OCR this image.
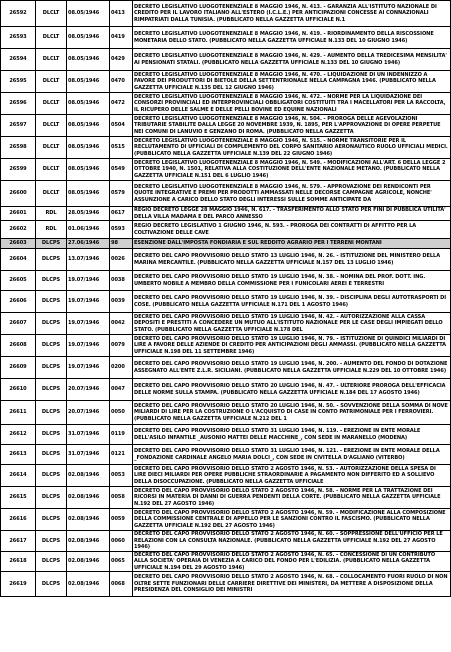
26592	DLCLT	08.05/1946	0413	DECRETO LEGISLATIVO LUOGOTENENZIALE 8 MAGGIO 1946, N. 413. - GARANZIA ALL'ISTITUTO NAZIONALE DI CREDITO PER IL LAVORO ITALIANO ALL'ESTERO (I.C.L.E.) PER ANTICIPAZIONI CONCESSE AI CONNAZIONALI RIMPATRIATI DALLA TUNISIA. (PUBBLICATO NELLA GAZZETTA UFFICIALE N.1
26593	DLCLT	08.05/1946	0419	DECRETO LEGISLATIVO LUOGOTENENZIALE 8 MAGGIO 1946, N. 419. - RIORDINAMENTO DELLA RISCOSSIONE MONETARIA DELLO STATO. (PUBBLICATO NELLA GAZZETTA UFFICIALE N.133 DEL 10 GIUGNO 1946)
26594	DLCLT	08.05/1946	0429	DECRETO LEGISLATIVO LUOGOTENENZIALE 8 MAGGIO 1946, N. 429. - AUMENTO DELLA TREDICESIMA MENSILITA' AI PENSIONATI STATALI. (PUBBLICATO NELLA GAZZETTA UFFICIALE N.133 DEL 10 GIUGNO 1946)
26595	DLCLT	08.05/1946	0470	DECRETO LEGISLATIVO LUOGOTENENZIALE 8 MAGGIO 1946, N. 470. - LIQUIDAZIONE DI UN INDENNIZZO A FAVORE DEI PRODUTTORI DI BIETOLE DELLA SETTENTRIONALE NELLA CAMPAGNA 1946. (PUBBLICATO NELLA GAZZETTA UFFICIALE N.135 DEL 12 GIUGNO 1946)
26596	DLCLT	08.05/1946	0472	DECRETO LEGISLATIVO LUOGOTENENZIALE 8 MAGGIO 1946, N. 472. - NORME PER LA LIQUIDAZIONE DEI CONSORZI PROVINCIALI ED INTERPROVINCIALI OBBLIGATORI COSTITUITI TRA I MACELLATORI PER LA RACCOLTA, IL RICUPERO DELLE SALME E DELLE PELLI BOVINE ED EQUINE NAZIONALI
26597	DLCLT	08.05/1946	0504	DECRETO LEGISLATIVO LUOGOTENENZIALE 8 MAGGIO 1946, N. 504. - PROROGA DELLE AGEVOLAZIONI TRIBUTARIE STABILITE DALLA LEGGE 20 NOVEMBRE 1939, N. 1895, PER L'APPROVAZIONE DI OPERE PERPETUE NEI COMUNI DI LANUVIO E GENZANO DI ROMA. (PUBBLICATO NELLA GAZZETTA
26598	DLCLT	08.05/1946	0515	DECRETO LEGISLATIVO LUOGOTENENZIALE 8 MAGGIO 1946, N. 515. - NORME TRANSITORIE PER IL RECLUTAMENTO DI UFFICIALI DI COMPLEMENTO DEL CORPO SANITARIO AERONAUTICO RUOLO UFFICIALI MEDICI. (PUBBLICATO NELLA GAZZETTA UFFICIALE N.139 DEL 22 GIUGNO 1946)
26599	DLCLT	08.05/1946	0549	DECRETO LEGISLATIVO LUOGOTENENZIALE 8 MAGGIO 1946, N. 549. - MODIFICAZIONI ALL'ART. 6 DELLA LEGGE 2 OTTOBRE 1940, N. 1501, RELATIVA ALLA COSTITUZIONE DELL'ENTE NAZIONALE METANO. (PUBBLICATO NELLA GAZZETTA UFFICIALE N.151 DEL 6 LUGLIO 1946)
26600	DLCLT	08.05/1946	0579	DECRETO LEGISLATIVO LUOGOTENENZIALE 8 MAGGIO 1946, N. 579. - APPROVAZIONE DEI RENDICONTI PER QUOTE INTEGRATIVE E PREMI PER PRODOTTI AMMASSATI NELLE DECORSE CAMPAGNE AGRICOLE, NONCHE' ASSUNZIONE A CARICO DELLO STATO DEGLI INTERESSI SULLE SOMME ANTICIPATE DA
26601	RDL	28.05/1946	0617	REGIO DECRETO LEGGE 28 MAGGIO 1946, N. 617. - TRASFERIMENTO ALLO STATO PER FINI DI PUBBLICA UTILITA' DELLA VILLA MADAMA E DEL PARCO ANNESSO
26602	RDL	01.06/1946	0593	REGIO DECRETO LEGISLATIVO 1 GIUGNO 1946, N. 593. - PROROGA DEI CONTRATTI DI AFFITTO PER LA COLTIVAZIONE DELLE CAVE
26603	DLCPS	27.06/1946	98	ESENZIONE DALL'IMPOSTA FONDIARIA E SUL REDDITO AGRARIO PER I TERRENI MONTANI
26604	DLCPS	13.07/1946	0026	DECRETO DEL CAPO PROVVISORIO DELLO STATO 13 LUGLIO 1946, N. 26. - ISTITUZIONE DEL MINISTERO DELLA MARINA MERCANTILE. (PUBBLICATO NELLA GAZZETTA UFFICIALE N.157 DEL 13 LUGLIO 1946)
26605	DLCPS	19.07/1946	0038	DECRETO DEL CAPO PROVVISORIO DELLO STATO 19 LUGLIO 1946, N. 38. - NOMINA DEL PROF. DOTT. ING. UMBERTO NOBILE A MEMBRO DELLA COMMISSIONE PER I FUNICOLARI AEREI E TERRESTRI
26606	DLCPS	19.07/1946	0039	DECRETO DEL CAPO PROVVISORIO DELLO STATO 19 LUGLIO 1946, N. 39. - DISCIPLINA DEGLI AUTOTRASPORTI DI COSE. (PUBBLICATO NELLA GAZZETTA UFFICIALE N.171 DEL 1 AGOSTO 1946)
26607	DLCPS	19.07/1946	0042	DECRETO DEL CAPO PROVVISORIO DELLO STATO 19 LUGLIO 1946, N. 42. - AUTORIZZAZIONE ALLA CASSA DEPOSITI E PRESTITI A CONCEDERE UN MUTUO ALL'ISTITUTO NAZIONALE PER LE CASE DEGLI IMPIEGATI DELLO STATO. (PUBBLICATO NELLA GAZZETTA UFFICIALE N.178 DEL
26608	DLCPS	19.07/1946	0079	DECRETO DEL CAPO PROVVISORIO DELLO STATO 19 LUGLIO 1946, N. 79. - ISTITUZIONE DI QUINDICI MILIARDI DI LIRE A FAVORE DELLE AZIENDE DI CREDITO PER ANTICIPAZIONI DEGLI AMMASSI. (PUBBLICATO NELLA GAZZETTA UFFICIALE N.198 DEL 11 SETTEMBRE 1946)
26609	DLCPS	19.07/1946	0200	DECRETO DEL CAPO PROVVISORIO DELLO STATO 19 LUGLIO 1946, N. 200. - AUMENTO DEL FONDO DI DOTAZIONE ASSEGNATO ALL'ENTE Z.L.R. SICILIANI. (PUBBLICATO NELLA GAZZETTA UFFICIALE N.229 DEL 10 OTTOBRE 1946)
26610	DLCPS	20.07/1946	0047	DECRETO DEL CAPO PROVVISORIO DELLO STATO 20 LUGLIO 1946, N. 47. - ULTERIORE PROROGA DELL'EFFICACIA DELLE NORME SULLA STAMPA. (PUBBLICATO NELLA GAZZETTA UFFICIALE N.184 DEL 17 AGOSTO 1946)
26611	DLCPS	20.07/1946	0050	DECRETO DEL CAPO PROVVISORIO DELLO STATO 20 LUGLIO 1946, N. 50. - SOVVENZIONE DELLA SOMMA DI NOVE MILIARDI DI LIRE PER LA COSTRUZIONE O L'ACQUISTO DI CASE IN CONTO PATRIMONIALE PER I FERROVIERI. (PUBBLICATO NELLA GAZZETTA UFFICIALE N.212 DEL 1
26612	DLCPS	31.07/1946	0119	DECRETO DEL CAPO PROVVISORIO DELLO STATO 31 LUGLIO 1946, N. 119. - EREZIONE IN ENTE MORALE DELL'ASILO INFANTILE _AUSONIO MATTEI DELLE MACCHINE_, CON SEDE IN MARANELLO (MODENA)
26613	DLCPS	31.07/1946	0121	DECRETO DEL CAPO PROVVISORIO DELLO STATO 31 LUGLIO 1946, N. 121. - EREZIONE IN ENTE MORALE DELLA _FONDAZIONE CARDINALE ANGELO MARIA DOLCI_, CON SEDE IN CIVITELLA D'AGLIANO (VITERBO)
26614	DLCPS	02.08/1946	0053	DECRETO DEL CAPO PROVVISORIO DELLO STATO 2 AGOSTO 1946, N. 53. - AUTORIZZAZIONE DELLA SPESA DI LIRE DIECI MILIARDI PER OPERE PUBBLICHE STRAORDINARIE A PAGAMENTO NON DIFFERITO ED A SOLLIEVO DELLA DISOCCUPAZIONE. (PUBBLICATO NELLA GAZZETTA UFFICIALE
26615	DLCPS	02.08/1946	0058	DECRETO DEL CAPO PROVVISORIO DELLO STATO 2 AGOSTO 1946, N. 58. - NORME PER LA TRATTAZIONE DEI RICORSI IN MATERIA DI DANNI DI GUERRA PENDENTI DELLA CORTE. (PUBBLICATO NELLA GAZZETTA UFFICIALE N.192 DEL 27 AGOSTO 1946)
26616	DLCPS	02.08/1946	0059	DECRETO DEL CAPO PROVVISORIO DELLO STATO 2 AGOSTO 1946, N. 59. - MODIFICAZIONE ALLA COMPOSIZIONE DELLA COMMISSIONE CENTRALE DI APPELLO PER LE SANZIONI CONTRO IL FASCISMO. (PUBBLICATO NELLA GAZZETTA UFFICIALE N.192 DEL 27 AGOSTO 1946)
26617	DLCPS	02.08/1946	0060	DECRETO DEL CAPO PROVVISORIO DELLO STATO 2 AGOSTO 1946, N. 60. - SOPPRESSIONE DELL'UFFICIO PER LE RELAZIONI CON LA CONSULTA NAZIONALE. (PUBBLICATO NELLA GAZZETTA UFFICIALE N.192 DEL 27 AGOSTO 1946)
26618	DLCPS	02.08/1946	0065	DECRETO DEL CAPO PROVVISORIO DELLO STATO 2 AGOSTO 1946, N. 65. - CONCESSIONE DI UN CONTRIBUTO ALLA SOCIETA' OPERAIA DI VENEZIA A CARICO DEL FONDO PER L'EDILIZIA. (PUBBLICATO NELLA GAZZETTA UFFICIALE N.194 DEL 29 AGOSTO 1946)
26619	DLCPS	02.08/1946	0068	DECRETO DEL CAPO PROVVISORIO DELLO STATO 2 AGOSTO 1946, N. 68. - COLLOCAMENTO FUORI RUOLO DI NON OLTRE SETTE FUNZIONARI DELLE CARRIERE DIRETTIVE DEI MINISTERI, DA METTERE A DISPOSIZIONE DELLA PRESIDENZA DEL CONSIGLIO DEI MINISTRI
